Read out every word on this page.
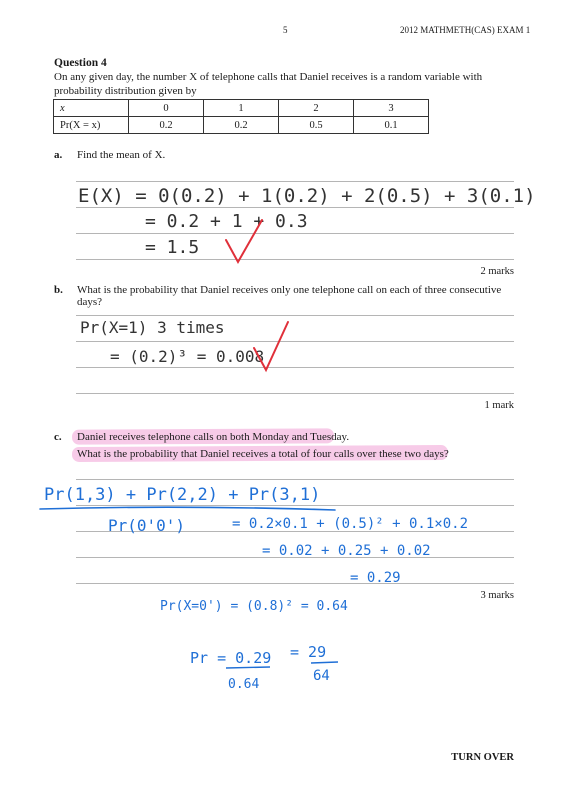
5	2012 MATHMETH(CAS) EXAM 1
Question 4
On any given day, the number X of telephone calls that Daniel receives is a random variable with probability distribution given by
x	0	1	2	3
Pr(X = x)	0.2	0.2	0.5	0.1
a. Find the mean of X.
2 marks
b. What is the probability that Daniel receives only one telephone call on each of three consecutive days?
1 mark
c. Daniel receives telephone calls on both Monday and Tuesday.
What is the probability that Daniel receives a total of four calls over these two days?
3 marks
E(X) = 0(0.2) + 1(0.2) + 2(0.5) + 3(0.1)
= 0.2 + 1 + 0.3
= 1.5
Pr(X=1) 3 times
= (0.2)³ = 0.008
Pr(1,3) + Pr(2,2) + Pr(3,1)
Pr(0'0')	= 0.2×0.1 + (0.5)² + 0.1×0.2
= 0.02 + 0.25 + 0.02
= 0.29
Pr(X=0') = (0.8)² = 0.64
Pr = 0.29
0.64
= 29
64
TURN OVER
